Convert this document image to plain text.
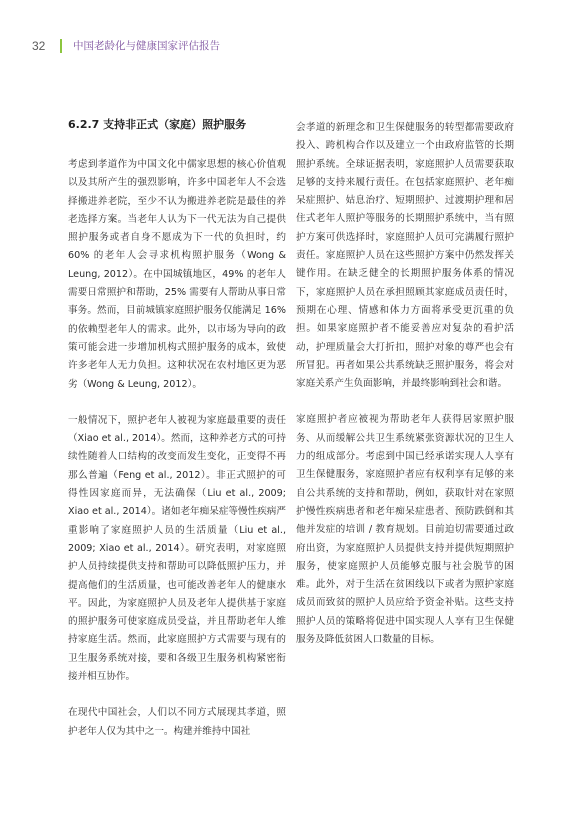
32	中国老龄化与健康国家评估报告
6.2.7 支持非正式（家庭）照护服务

考虑到孝道作为中国文化中儒家思想的核心价值观以及其所产生的强烈影响，许多中国老年人不会选择搬进养老院，至少不认为搬进养老院是最佳的养老选择方案。当老年人认为下一代无法为自己提供照护服务或者自身不愿成为下一代的负担时，约 60% 的老年人会寻求机构照护服务（Wong & Leung, 2012）。在中国城镇地区，49% 的老年人需要日常照护和帮助，25% 需要有人帮助从事日常事务。然而，目前城镇家庭照护服务仅能满足 16% 的依赖型老年人的需求。此外，以市场为导向的政策可能会进一步增加机构式照护服务的成本，致使许多老年人无力负担。这种状况在农村地区更为恶劣（Wong & Leung, 2012）。

一般情况下，照护老年人被视为家庭最重要的责任（Xiao et al., 2014）。然而，这种养老方式的可持续性随着人口结构的改变而发生变化，正变得不再那么普遍（Feng et al., 2012）。非正式照护的可得性因家庭而异，无法确保（Liu et al., 2009; Xiao et al., 2014）。诸如老年痴呆症等慢性疾病严重影响了家庭照护人员的生活质量（Liu et al., 2009; Xiao et al., 2014）。研究表明，对家庭照护人员持续提供支持和帮助可以降低照护压力，并提高他们的生活质量，也可能改善老年人的健康水平。因此，为家庭照护人员及老年人提供基于家庭的照护服务可使家庭成员受益，并且帮助老年人维持家庭生活。然而，此家庭照护方式需要与现有的卫生服务系统对接，要和各级卫生服务机构紧密衔接并相互协作。

在现代中国社会，人们以不同方式展现其孝道，照护老年人仅为其中之一。构建并维持中国社

会孝道的新理念和卫生保健服务的转型都需要政府投入、跨机构合作以及建立一个由政府监管的长期照护系统。全球证据表明，家庭照护人员需要获取足够的支持来履行责任。在包括家庭照护、老年痴呆症照护、姑息治疗、短期照护、过渡期护理和居住式老年人照护等服务的长期照护系统中，当有照护方案可供选择时，家庭照护人员可完满履行照护责任。家庭照护人员在这些照护方案中仍然发挥关键作用。在缺乏健全的长期照护服务体系的情况下，家庭照护人员在承担照顾其家庭成员责任时，预期在心理、情感和体力方面将承受更沉重的负担。如果家庭照护者不能妥善应对复杂的看护活动，护理质量会大打折扣，照护对象的尊严也会有所冒犯。再者如果公共系统缺乏照护服务，将会对家庭关系产生负面影响，并最终影响到社会和谐。

家庭照护者应被视为帮助老年人获得居家照护服务、从而缓解公共卫生系统紧张资源状况的卫生人力的组成部分。考虑到中国已经承诺实现人人享有卫生保健服务，家庭照护者应有权利享有足够的来自公共系统的支持和帮助，例如，获取针对在家照护慢性疾病患者和老年痴呆症患者、预防跌倒和其他并发症的培训 / 教育规划。目前迫切需要通过政府出资，为家庭照护人员提供支持并提供短期照护服务，使家庭照护人员能够克服与社会脱节的困难。此外，对于生活在贫困线以下或者为照护家庭成员而致贫的照护人员应给予资金补贴。这些支持照护人员的策略将促进中国实现人人享有卫生保健服务及降低贫困人口数量的目标。
